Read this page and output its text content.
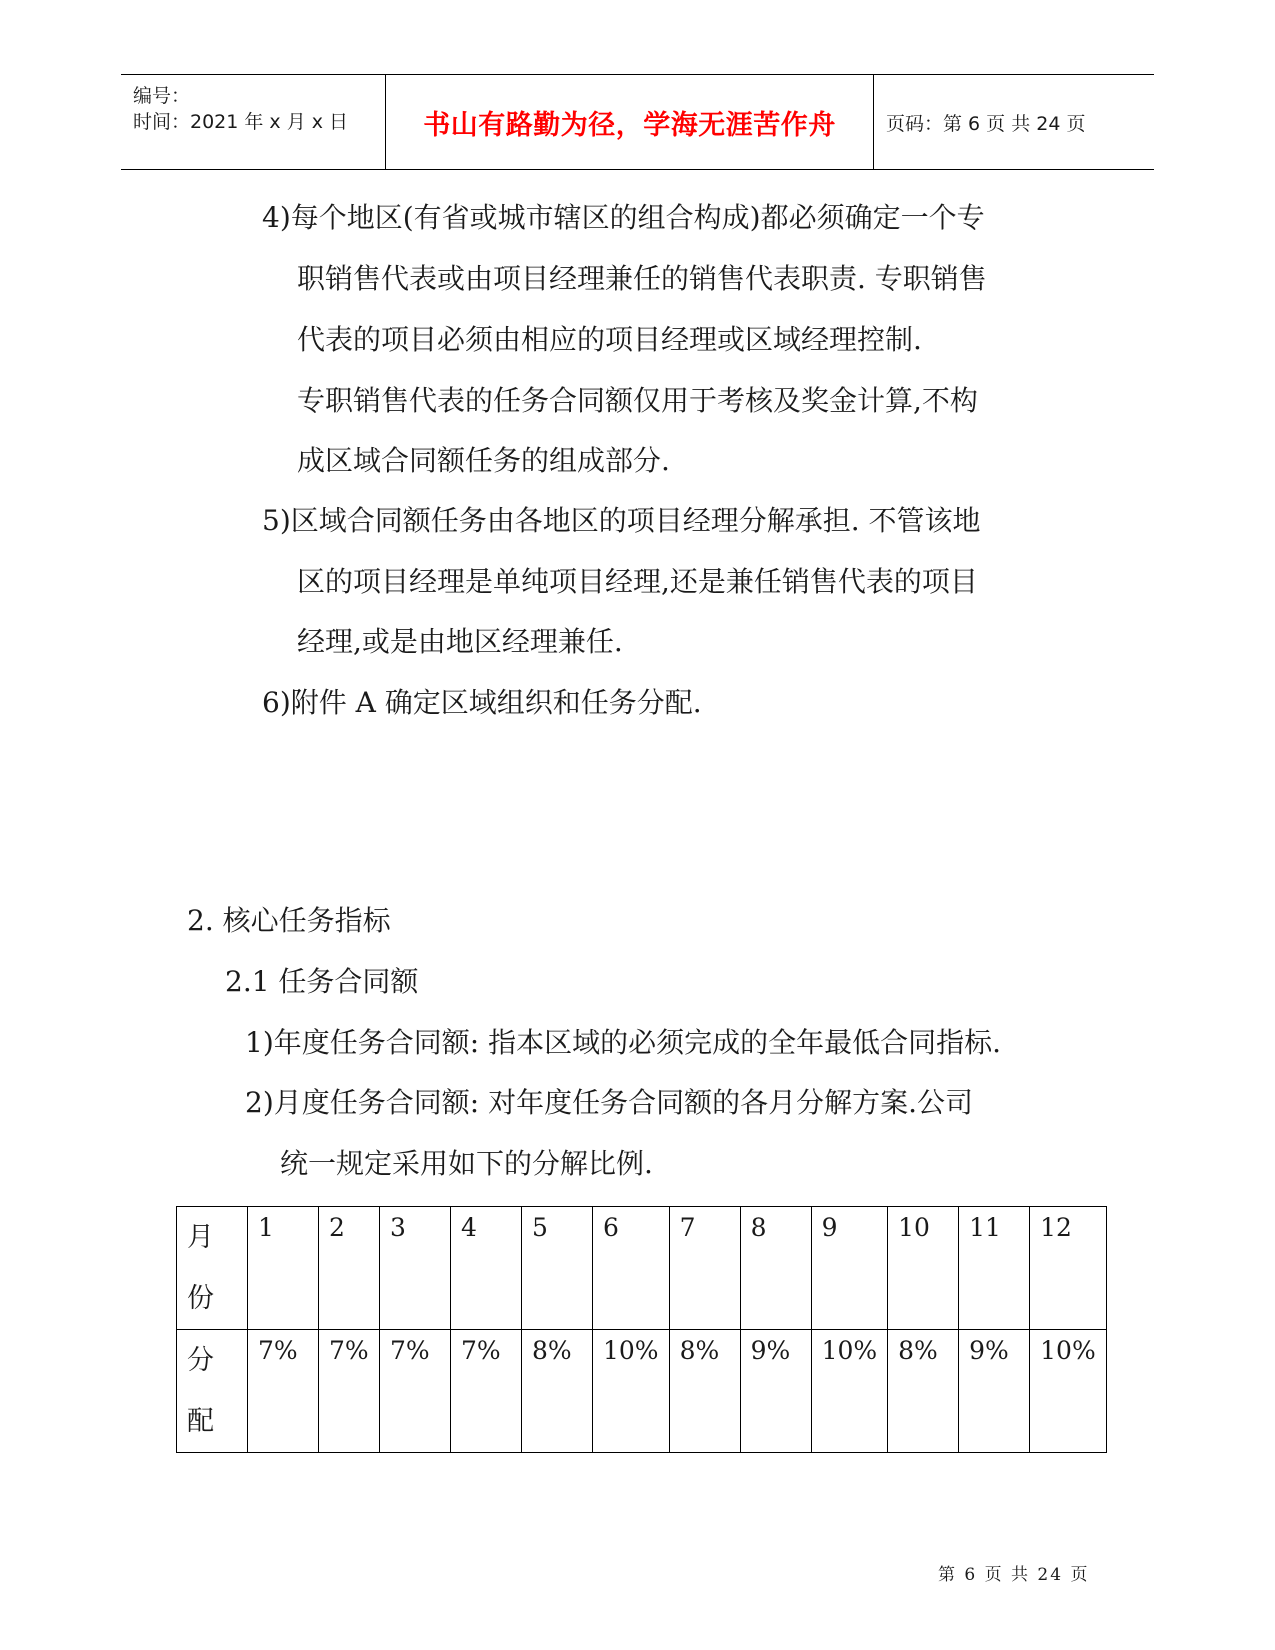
编号：
时间：2021 年 x 月 x 日	书山有路勤为径，学海无涯苦作舟	页码：第 6 页 共 24 页
4)每个地区(有省或城市辖区的组合构成)都必须确定一个专
职销售代表或由项目经理兼任的销售代表职责. 专职销售
代表的项目必须由相应的项目经理或区域经理控制.
专职销售代表的任务合同额仅用于考核及奖金计算,不构
成区域合同额任务的组成部分.
5)区域合同额任务由各地区的项目经理分解承担. 不管该地
区的项目经理是单纯项目经理,还是兼任销售代表的项目
经理,或是由地区经理兼任.
6)附件 A 确定区域组织和任务分配.
2. 核心任务指标
2.1 任务合同额
1)年度任务合同额: 指本区域的必须完成的全年最低合同指标.
2)月度任务合同额: 对年度任务合同额的各月分解方案.公司
统一规定采用如下的分解比例.
月
份	1	2	3	4	5	6	7	8	9	10	11	12

分
配	7%	7%	7%	7%	8%	10%	8%	9%	10%	8%	9%	10%
第 6 页 共 24 页
